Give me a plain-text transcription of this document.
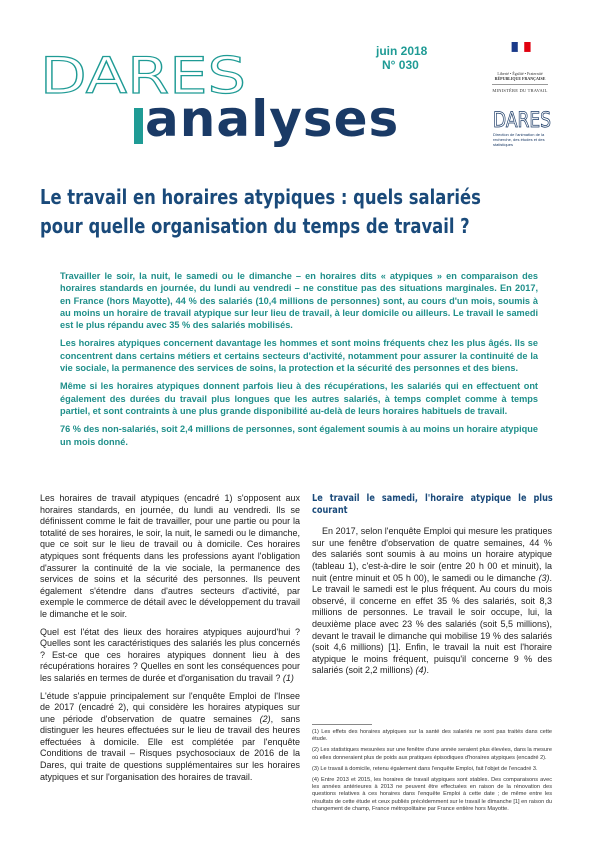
juin 2018
N° 030
DARES
analyses
Liberté • Égalité • Fraternité
RÉPUBLIQUE FRANÇAISE
MINISTÈRE DU TRAVAIL
DARES
Direction de l'animation de la recherche, des études et des statistiques
Le travail en horaires atypiques : quels salariés
pour quelle organisation du temps de travail ?

Travailler le soir, la nuit, le samedi ou le dimanche – en horaires dits « atypiques » en comparaison des horaires standards en journée, du lundi au vendredi – ne constitue pas des situations marginales. En 2017, en France (hors Mayotte), 44 % des salariés (10,4 millions de personnes) sont, au cours d'un mois, soumis à au moins un horaire de travail atypique sur leur lieu de travail, à leur domicile ou ailleurs. Le travail le samedi est le plus répandu avec 35 % des salariés mobilisés.

Les horaires atypiques concernent davantage les hommes et sont moins fréquents chez les plus âgés. Ils se concentrent dans certains métiers et certains secteurs d'activité, notamment pour assurer la continuité de la vie sociale, la permanence des services de soins, la protection et la sécurité des personnes et des biens.

Même si les horaires atypiques donnent parfois lieu à des récupérations, les salariés qui en effectuent ont également des durées du travail plus longues que les autres salariés, à temps complet comme à temps partiel, et sont contraints à une plus grande disponibilité au-delà de leurs horaires habituels de travail.

76 % des non-salariés, soit 2,4 millions de personnes, sont également soumis à au moins un horaire atypique un mois donné.

Les horaires de travail atypiques (encadré 1) s'opposent aux horaires standards, en journée, du lundi au vendredi. Ils se définissent comme le fait de travailler, pour une partie ou pour la totalité de ses horaires, le soir, la nuit, le samedi ou le dimanche, que ce soit sur le lieu de travail ou à domicile. Ces horaires atypiques sont fréquents dans les professions ayant l'obligation d'assurer la continuité de la vie sociale, la permanence des services de soins et la sécurité des personnes. Ils peuvent également s'étendre dans d'autres secteurs d'activité, par exemple le commerce de détail avec le développement du travail le dimanche et le soir.

Quel est l'état des lieux des horaires atypiques aujourd'hui ? Quelles sont les caractéristiques des salariés les plus concernés ? Est-ce que ces horaires atypiques donnent lieu à des récupérations horaires ? Quelles en sont les conséquences pour les salariés en termes de durée et d'organisation du travail ? (1)

L'étude s'appuie principalement sur l'enquête Emploi de l'Insee de 2017 (encadré 2), qui considère les horaires atypiques sur une période d'observation de quatre semaines (2), sans distinguer les heures effectuées sur le lieu de travail des heures effectuées à domicile. Elle est complétée par l'enquête Conditions de travail – Risques psychosociaux de 2016 de la Dares, qui traite de questions supplémentaires sur les horaires atypiques et sur l'organisation des horaires de travail.

Le travail le samedi, l'horaire atypique le plus courant

En 2017, selon l'enquête Emploi qui mesure les pratiques sur une fenêtre d'observation de quatre semaines, 44 % des salariés sont soumis à au moins un horaire atypique (tableau 1), c'est-à-dire le soir (entre 20 h 00 et minuit), la nuit (entre minuit et 05 h 00), le samedi ou le dimanche (3). Le travail le samedi est le plus fréquent. Au cours du mois observé, il concerne en effet 35 % des salariés, soit 8,3 millions de personnes. Le travail le soir occupe, lui, la deuxième place avec 23 % des salariés (soit 5,5 millions), devant le travail le dimanche qui mobilise 19 % des salariés (soit 4,6 millions) [1]. Enfin, le travail la nuit est l'horaire atypique le moins fréquent, puisqu'il concerne 9 % des salariés (soit 2,2 millions) (4).

(1) Les effets des horaires atypiques sur la santé des salariés ne sont pas traités dans cette étude.

(2) Les statistiques mesurées sur une fenêtre d'une année seraient plus élevées, dans la mesure où elles donneraient plus de poids aux pratiques épisodiques d'horaires atypiques (encadré 2).

(3) Le travail à domicile, retenu également dans l'enquête Emploi, fait l'objet de l'encadré 3.

(4) Entre 2013 et 2015, les horaires de travail atypiques sont stables. Des comparaisons avec les années antérieures à 2013 ne peuvent être effectuées en raison de la rénovation des questions relatives à ces horaires dans l'enquête Emploi à cette date ; de même entre les résultats de cette étude et ceux publiés précédemment sur le travail le dimanche [1] en raison du changement de champ, France métropolitaine par France entière hors Mayotte.
